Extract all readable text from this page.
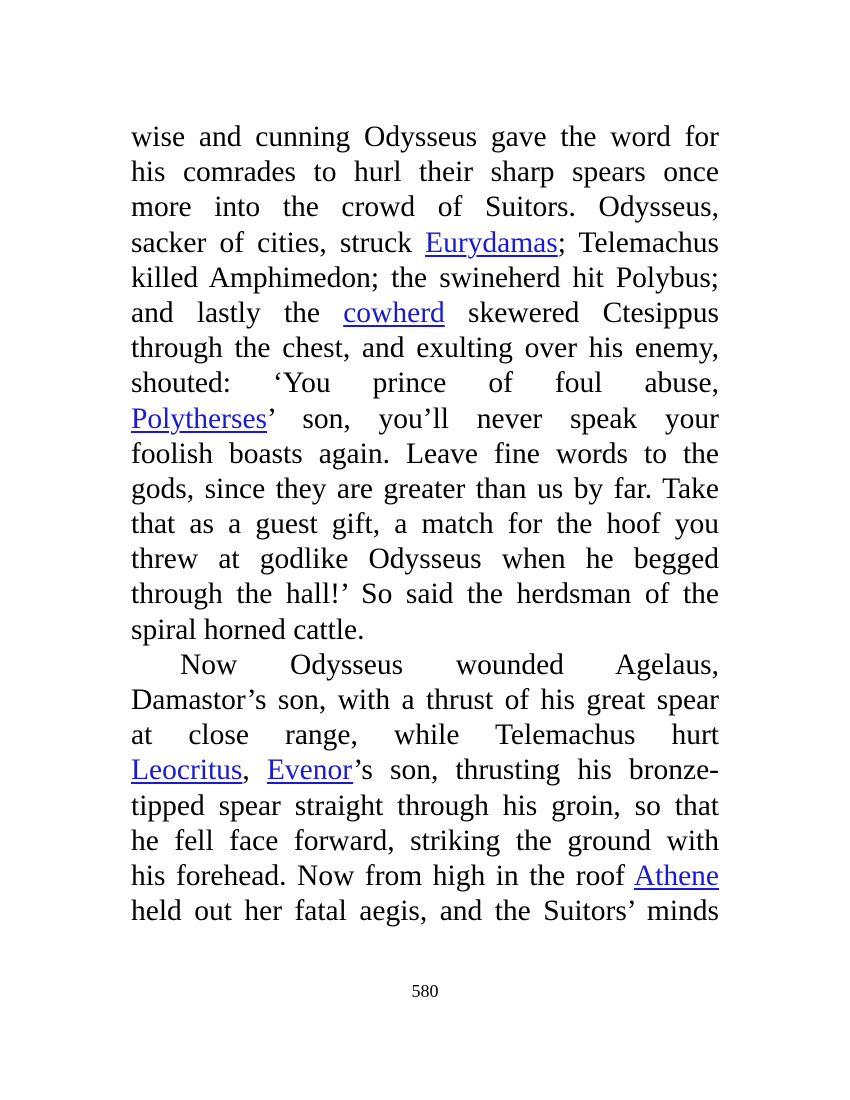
wise and cunning Odysseus gave the word for
his comrades to hurl their sharp spears once
more into the crowd of Suitors. Odysseus,
sacker of cities, struck Eurydamas; Telemachus
killed Amphimedon; the swineherd hit Polybus;
and lastly the cowherd skewered Ctesippus
through the chest, and exulting over his enemy,
shouted: ‘You prince of foul abuse,
Polytherses’ son, you’ll never speak your
foolish boasts again. Leave fine words to the
gods, since they are greater than us by far. Take
that as a guest gift, a match for the hoof you
threw at godlike Odysseus when he begged
through the hall!’ So said the herdsman of the
spiral horned cattle.
Now Odysseus wounded Agelaus,
Damastor’s son, with a thrust of his great spear
at close range, while Telemachus hurt
Leocritus, Evenor’s son, thrusting his bronze-
tipped spear straight through his groin, so that
he fell face forward, striking the ground with
his forehead. Now from high in the roof Athene
held out her fatal aegis, and the Suitors’ minds
580
